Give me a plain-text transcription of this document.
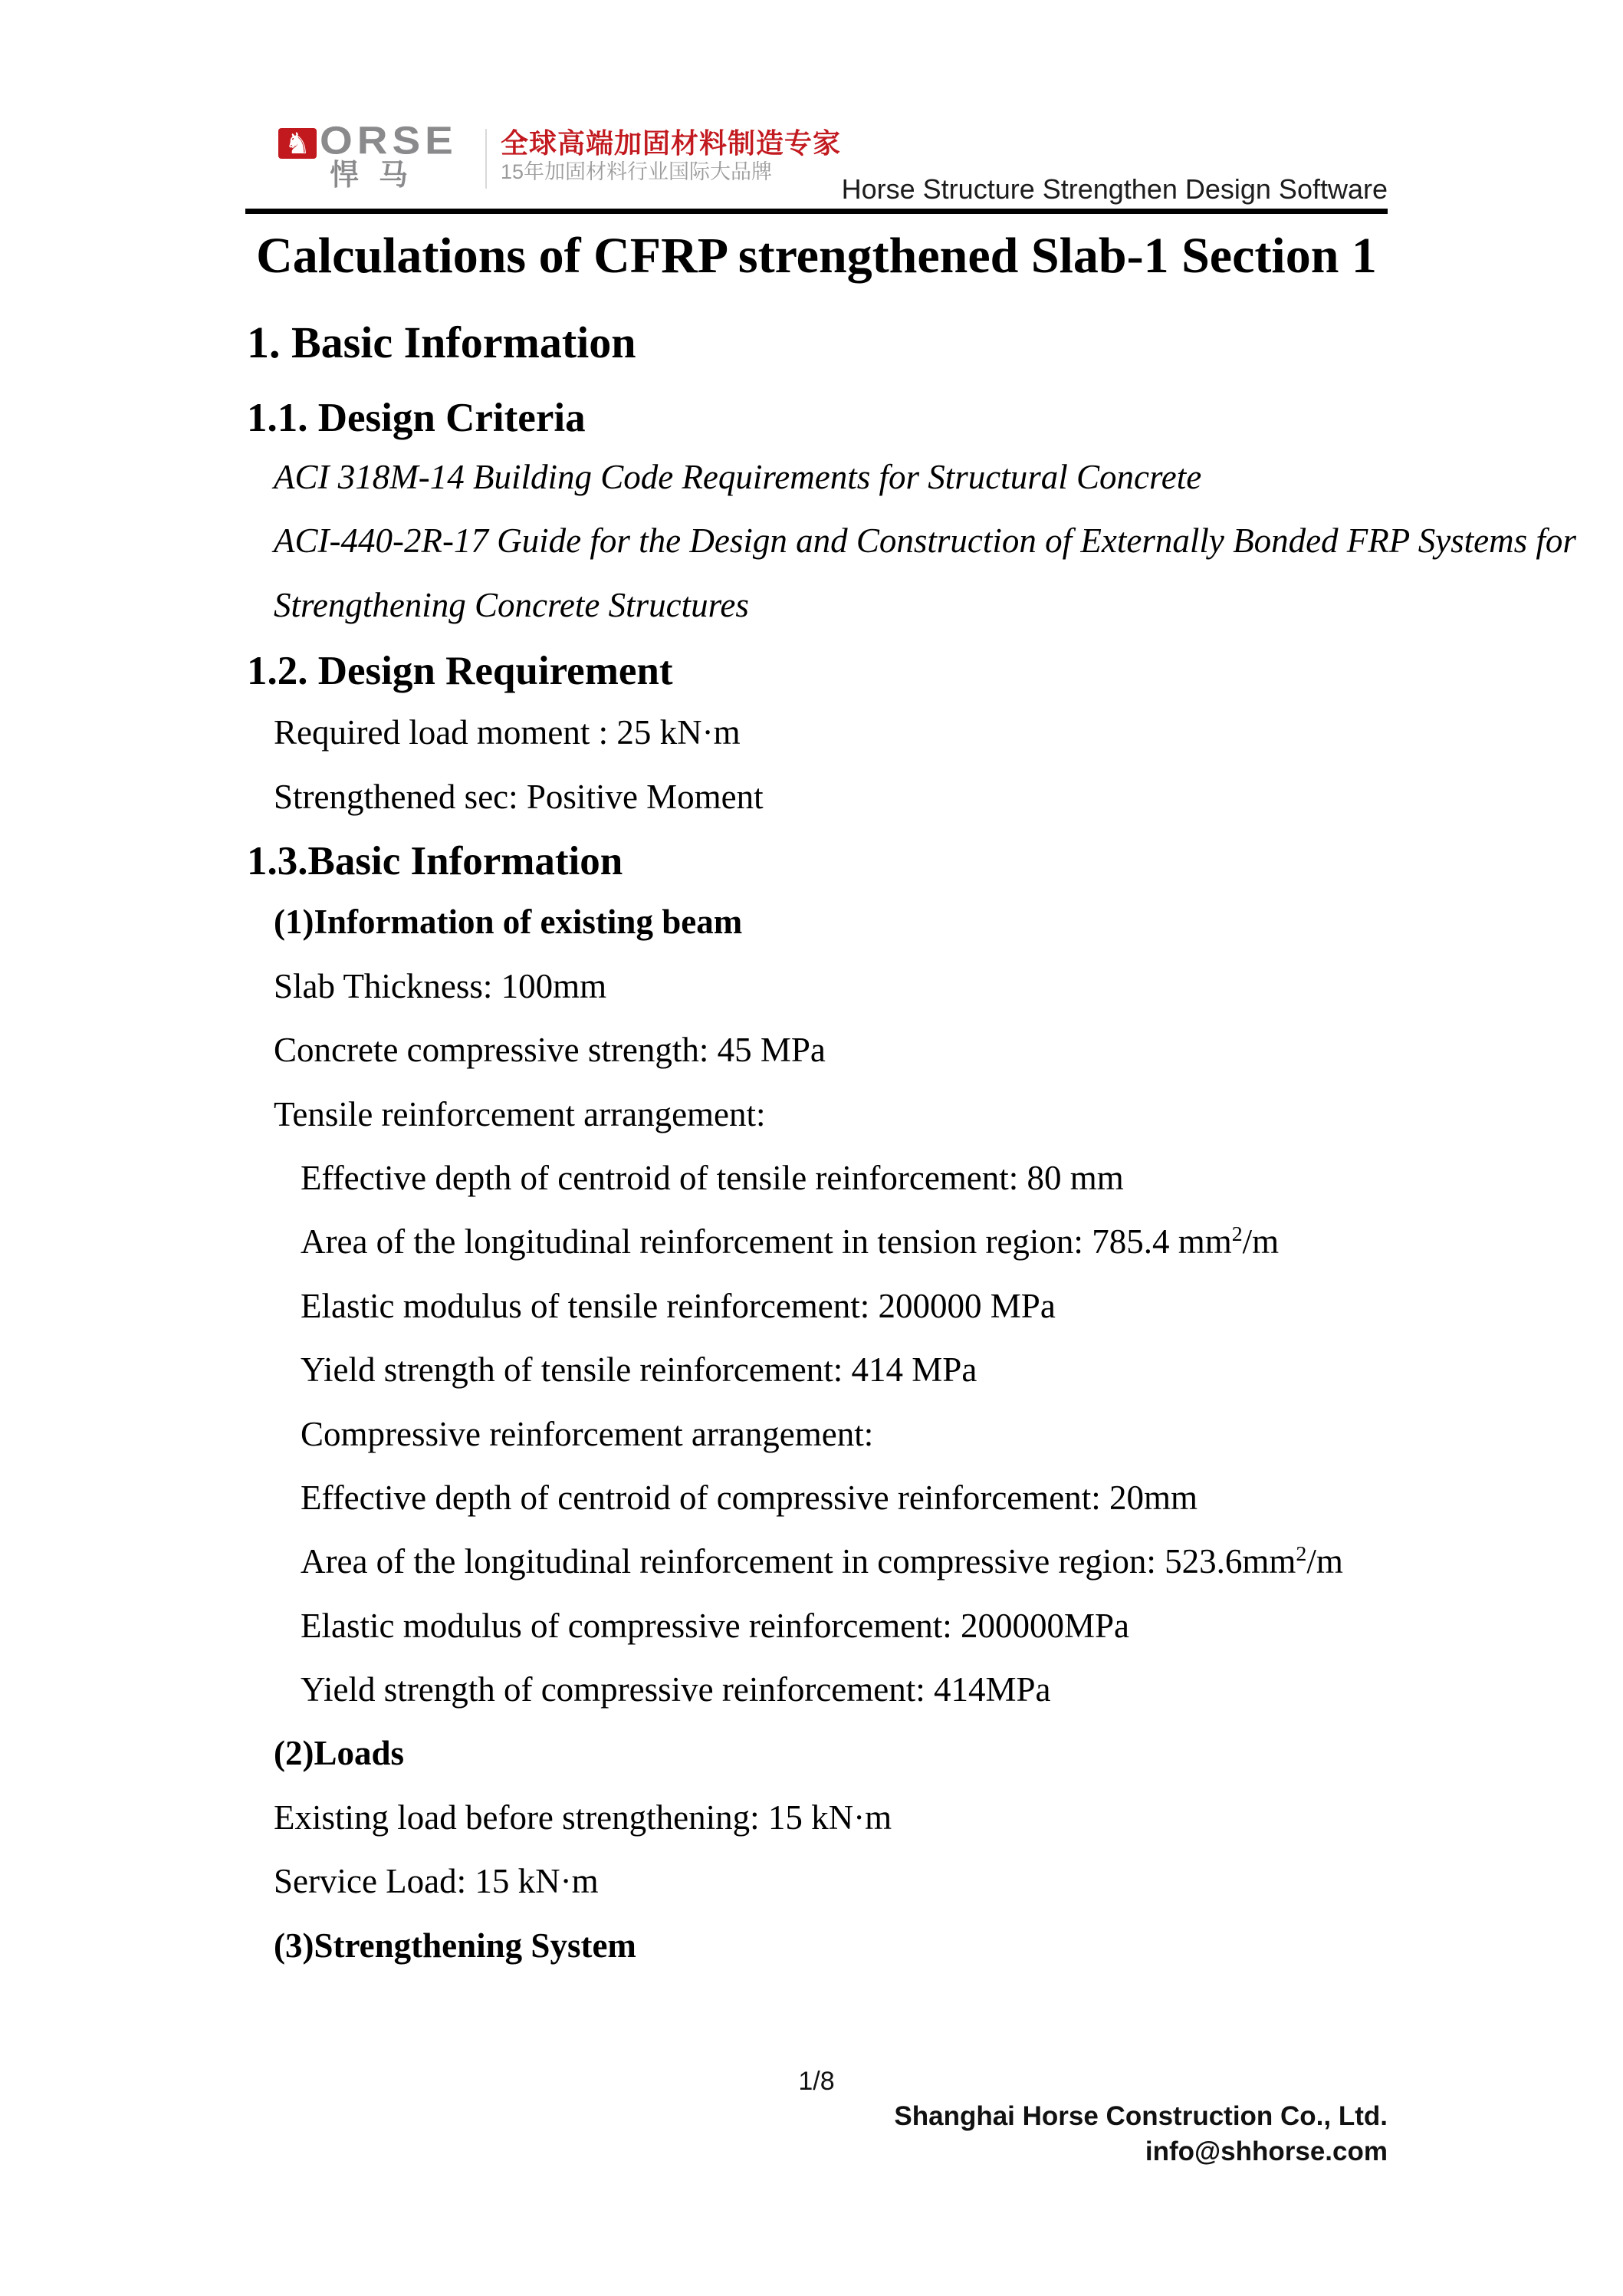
♞ ORSE
悍马
全球高端加固材料制造专家
15年加固材料行业国际大品牌
Horse Structure Strengthen Design Software
Calculations of CFRP strengthened Slab-1 Section 1
1. Basic Information
1.1. Design Criteria
ACI 318M-14 Building Code Requirements for Structural Concrete
ACI-440-2R-17 Guide for the Design and Construction of Externally Bonded FRP Systems for
Strengthening Concrete Structures
1.2. Design Requirement
Required load moment : 25 kN·m
Strengthened sec: Positive Moment
1.3.Basic Information
(1)Information of existing beam
Slab Thickness: 100mm
Concrete compressive strength: 45 MPa
Tensile reinforcement arrangement:
Effective depth of centroid of tensile reinforcement: 80 mm
Area of the longitudinal reinforcement in tension region: 785.4 $mm^2/m$
Elastic modulus of tensile reinforcement: 200000 MPa
Yield strength of tensile reinforcement: 414 MPa
Compressive reinforcement arrangement:
Effective depth of centroid of compressive reinforcement: 20mm
Area of the longitudinal reinforcement in compressive region: $523.6mm^2/m$
Elastic modulus of compressive reinforcement: 200000MPa
Yield strength of compressive reinforcement: 414MPa
(2)Loads
Existing load before strengthening: 15 kN·m
Service Load: 15 kN·m
(3)Strengthening System
1/8
Shanghai Horse Construction Co., Ltd.
info@shhorse.com
